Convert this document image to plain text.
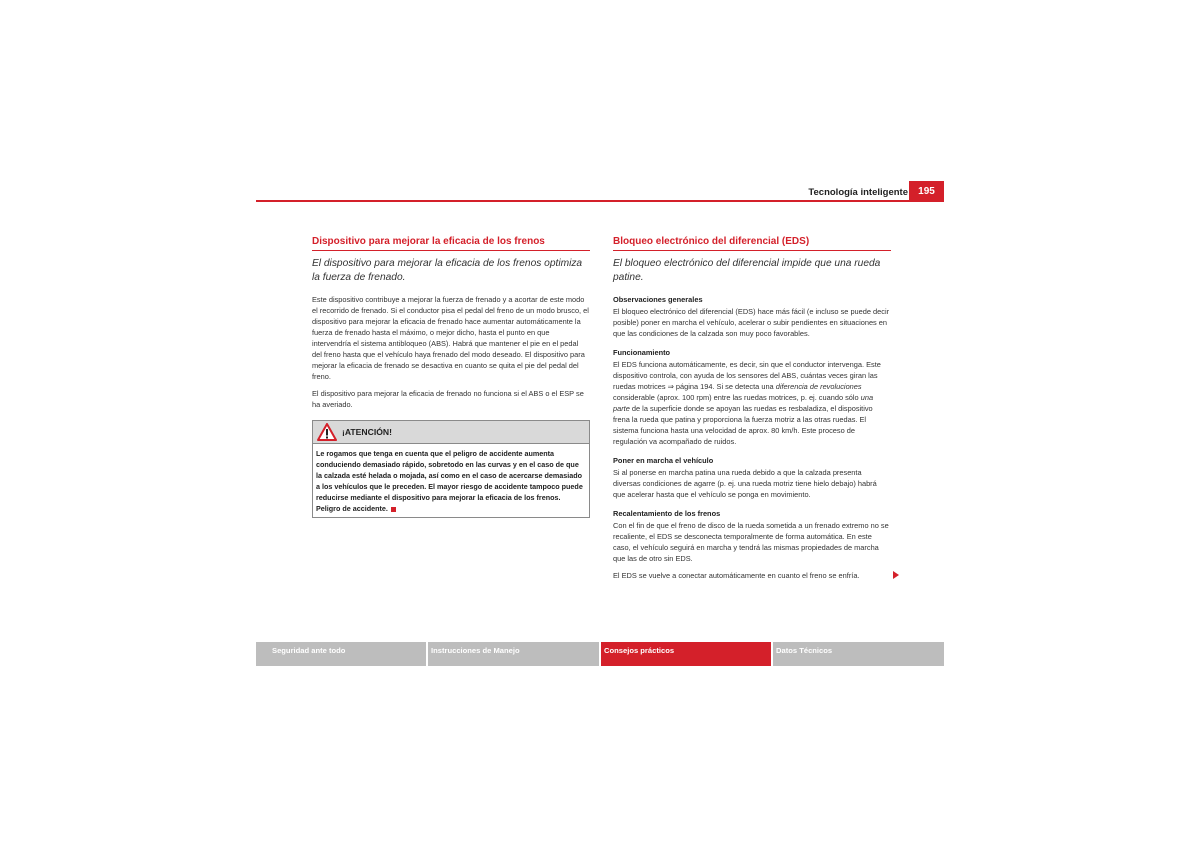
Tecnología inteligente	195
Dispositivo para mejorar la eficacia de los frenos
El dispositivo para mejorar la eficacia de los frenos optimiza la fuerza de frenado.

Este dispositivo contribuye a mejorar la fuerza de frenado y a acortar de este modo el recorrido de frenado. Si el conductor pisa el pedal del freno de un modo brusco, el dispositivo para mejorar la eficacia de frenado hace aumentar automáticamente la fuerza de frenado hasta el máximo, o mejor dicho, hasta el punto en que intervendría el sistema antibloqueo (ABS). Habrá que mantener el pie en el pedal del freno hasta que el vehículo haya frenado del modo deseado. El dispositivo para mejorar la eficacia de frenado se desactiva en cuanto se quita el pie del pedal del freno.

El dispositivo para mejorar la eficacia de frenado no funciona si el ABS o el ESP se ha averiado.

¡ATENCIÓN!
Le rogamos que tenga en cuenta que el peligro de accidente aumenta conduciendo demasiado rápido, sobretodo en las curvas y en el caso de que la calzada esté helada o mojada, así como en el caso de acercarse demasiado a los vehículos que le preceden. El mayor riesgo de accidente tampoco puede reducirse mediante el dispositivo para mejorar la eficacia de los frenos. Peligro de accidente.
Bloqueo electrónico del diferencial (EDS)
El bloqueo electrónico del diferencial impide que una rueda patine.
Observaciones generales

El bloqueo electrónico del diferencial (EDS) hace más fácil (e incluso se puede decir posible) poner en marcha el vehículo, acelerar o subir pendientes en situaciones en que las condiciones de la calzada son muy poco favorables.

Funcionamiento

El EDS funciona automáticamente, es decir, sin que el conductor intervenga. Este dispositivo controla, con ayuda de los sensores del ABS, cuántas veces giran las ruedas motrices ⇒ página 194. Si se detecta una diferencia de revoluciones considerable (aprox. 100 rpm) entre las ruedas motrices, p. ej. cuando sólo una parte de la superficie donde se apoyan las ruedas es resbaladiza, el dispositivo frena la rueda que patina y proporciona la fuerza motriz a las otras ruedas. El sistema funciona hasta una velocidad de aprox. 80 km/h. Este proceso de regulación va acompañado de ruidos.

Poner en marcha el vehículo

Si al ponerse en marcha patina una rueda debido a que la calzada presenta diversas condiciones de agarre (p. ej. una rueda motriz tiene hielo debajo) habrá que acelerar hasta que el vehículo se ponga en movimiento.

Recalentamiento de los frenos

Con el fin de que el freno de disco de la rueda sometida a un frenado extremo no se recaliente, el EDS se desconecta temporalmente de forma automática. En este caso, el vehículo seguirá en marcha y tendrá las mismas propiedades de marcha que las de otro sin EDS.

El EDS se vuelve a conectar automáticamente en cuanto el freno se enfría.

Seguridad ante todo	Instrucciones de Manejo	Consejos prácticos	Datos Técnicos
